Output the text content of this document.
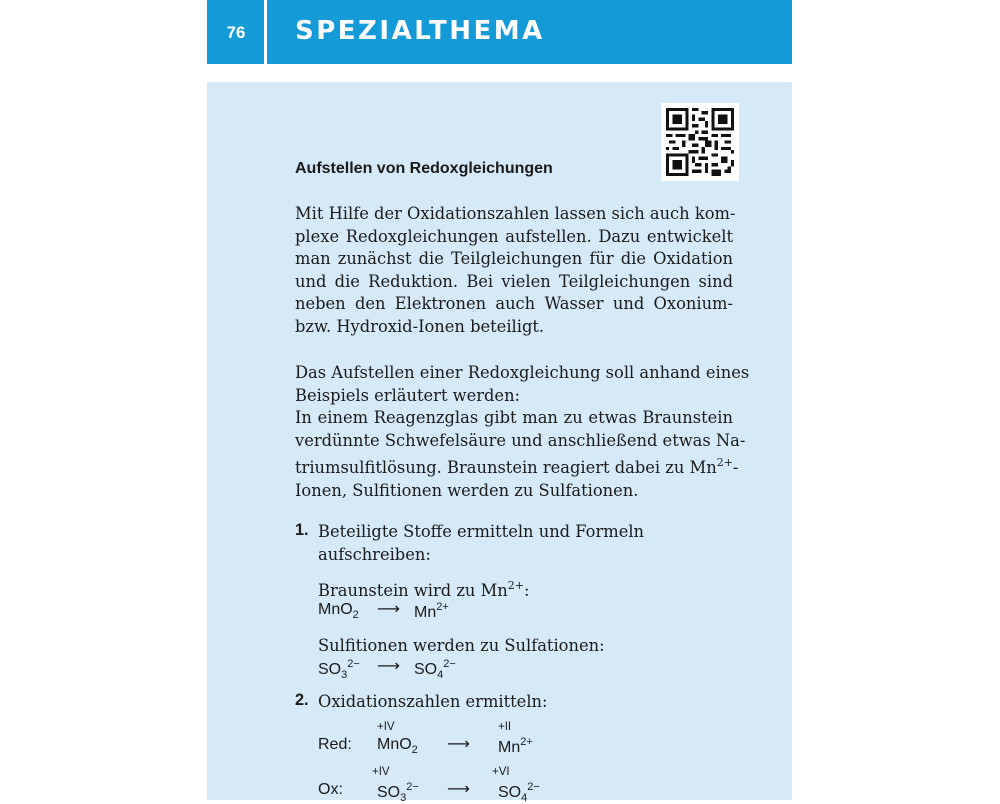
76	SPEZIALTHEMA
Aufstellen von Redoxgleichungen
Mit Hilfe der Oxidationszahlen lassen sich auch kom-
plexe Redoxgleichungen aufstellen. Dazu entwickelt
man zunächst die Teilgleichungen für die Oxidation
und die Reduktion. Bei vielen Teilgleichungen sind
neben den Elektronen auch Wasser und Oxonium-
bzw. Hydroxid-Ionen beteiligt.
Das Aufstellen einer Redoxgleichung soll anhand eines
Beispiels erläutert werden:
In einem Reagenzglas gibt man zu etwas Braunstein
verdünnte Schwefelsäure und anschließend etwas Na-
triumsulfitlösung. Braunstein reagiert dabei zu $Mn^{2+}-$
Ionen, Sulfitionen werden zu Sulfationen.
1. Beteiligte Stoffe ermitteln und Formeln
aufschreiben:
Braunstein wird zu $Mn^{2+}$:
MnO$_2$ ⟶ $Mn^{2+}$
Sulfitionen werden zu Sulfationen:
$SO_3^{2-}$ ⟶ $SO_4^{2-}$
2. Oxidationszahlen ermitteln:
+IV	+II
Red: MnO$_2$ ⟶ $Mn^{2+}$
+IV	+VI
Ox: $SO_3^{2-}$ ⟶ $SO_4^{2-}$
